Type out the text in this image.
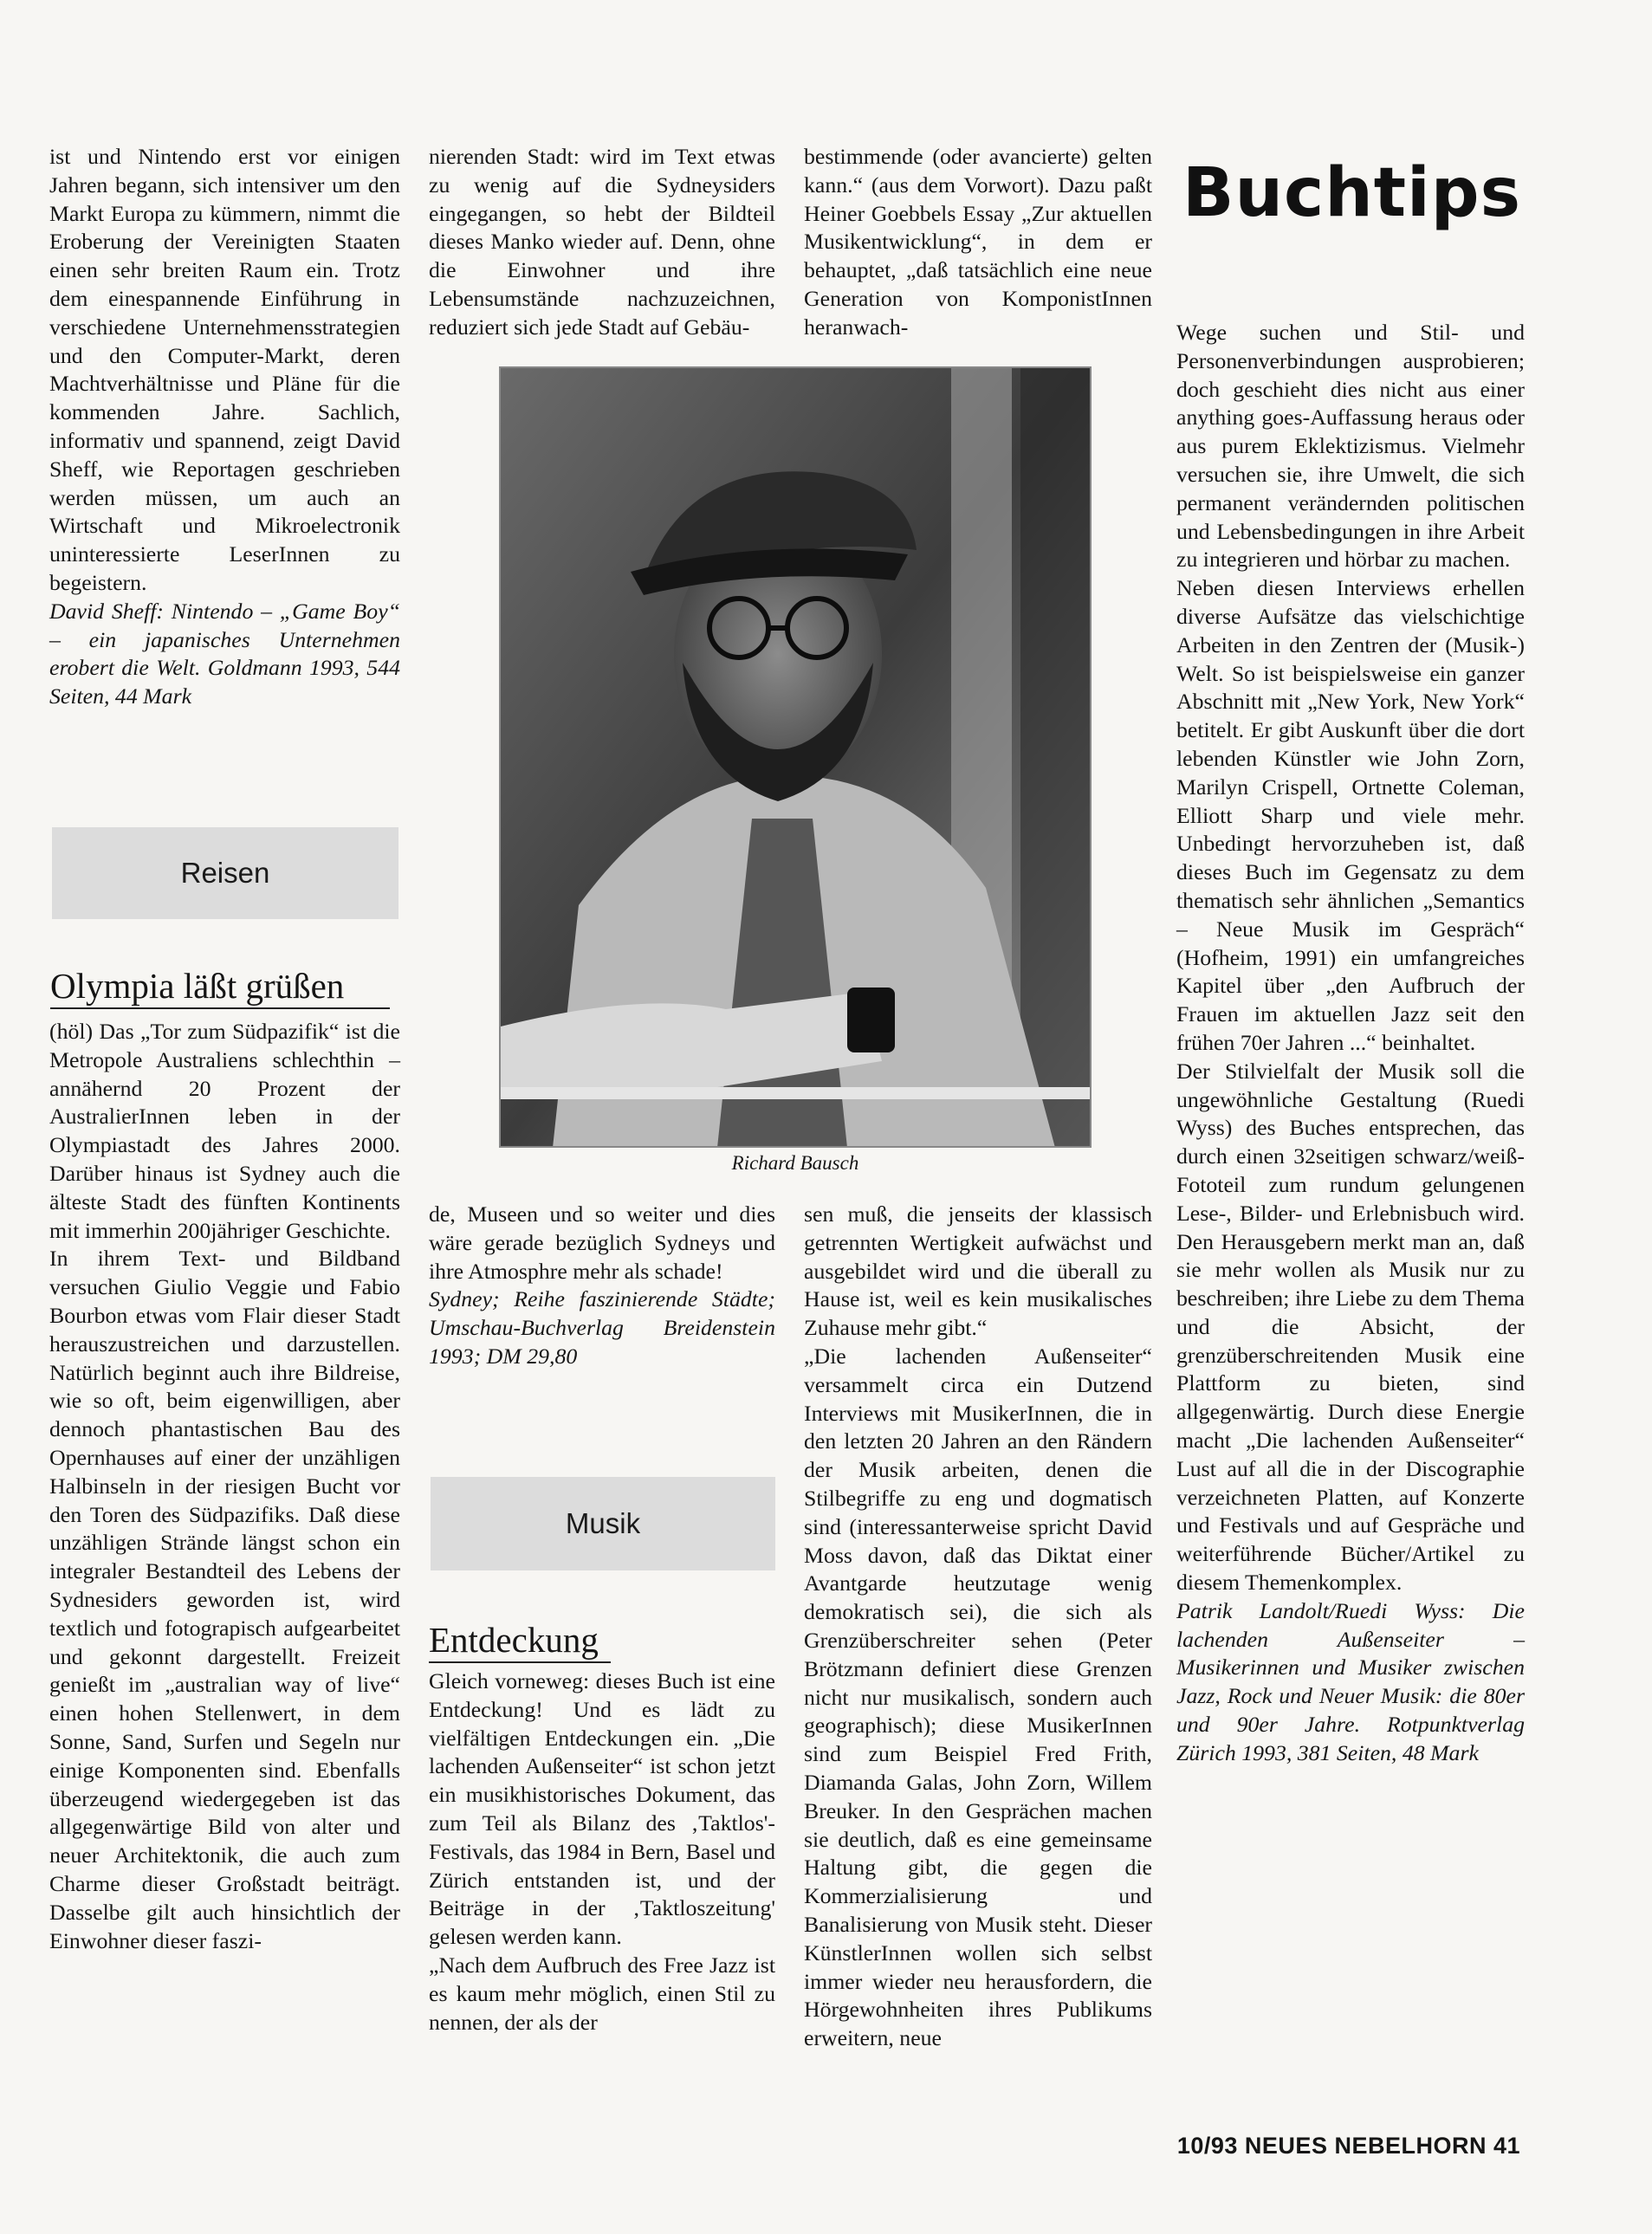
ist und Nintendo erst vor einigen Jahren begann, sich intensiver um den Markt Europa zu kümmern, nimmt die Eroberung der Vereinigten Staaten einen sehr breiten Raum ein. Trotz dem einespannende Einführung in verschiedene Unternehmensstrategien und den Computer-Markt, deren Machtverhältnisse und Pläne für die kommenden Jahre. Sachlich, informativ und spannend, zeigt David Sheff, wie Reportagen geschrieben werden müssen, um auch an Wirtschaft und Mikroelectronik uninteressierte LeserInnen zu begeistern.

David Sheff: Nintendo – „Game Boy“ – ein japanisches Unternehmen erobert die Welt. Goldmann 1993, 544 Seiten, 44 Mark

Reisen
Olympia läßt grüßen

(höl) Das „Tor zum Südpazifik“ ist die Metropole Australiens schlechthin – annähernd 20 Prozent der AustralierInnen leben in der Olympiastadt des Jahres 2000. Darüber hinaus ist Sydney auch die älteste Stadt des fünften Kontinents mit immerhin 200jähriger Geschichte.

In ihrem Text- und Bildband versuchen Giulio Veggie und Fabio Bourbon etwas vom Flair dieser Stadt herauszustreichen und darzustellen. Natürlich beginnt auch ihre Bildreise, wie so oft, beim eigenwilligen, aber dennoch phantastischen Bau des Opernhauses auf einer der unzähligen Halbinseln in der riesigen Bucht vor den Toren des Südpazifiks. Daß diese unzähligen Strände längst schon ein integraler Bestandteil des Lebens der Sydnesiders geworden ist, wird textlich und fotograpisch aufgearbeitet und gekonnt dargestellt. Freizeit genießt im „australian way of live“ einen hohen Stellenwert, in dem Sonne, Sand, Surfen und Segeln nur einige Komponenten sind. Ebenfalls überzeugend wiedergegeben ist das allgegenwärtige Bild von alter und neuer Architektonik, die auch zum Charme dieser Großstadt beiträgt. Dasselbe gilt auch hinsichtlich der Einwohner dieser faszi-

nierenden Stadt: wird im Text etwas zu wenig auf die Sydneysiders eingegangen, so hebt der Bildteil dieses Manko wieder auf. Denn, ohne die Einwohner und ihre Lebensumstände nachzuzeichnen, reduziert sich jede Stadt auf Gebäu-

Richard Bausch

de, Museen und so weiter und dies wäre gerade bezüglich Sydneys und ihre Atmosphre mehr als schade!

Sydney; Reihe faszinierende Städte; Umschau-Buchverlag Breidenstein 1993; DM 29,80

Musik
Entdeckung

Gleich vorneweg: dieses Buch ist eine Entdeckung! Und es lädt zu vielfältigen Entdeckungen ein. „Die lachenden Außenseiter“ ist schon jetzt ein musikhistorisches Dokument, das zum Teil als Bilanz des ‚Taktlos'-Festivals, das 1984 in Bern, Basel und Zürich entstanden ist, und der Beiträge in der ‚Taktloszeitung' gelesen werden kann.

„Nach dem Aufbruch des Free Jazz ist es kaum mehr möglich, einen Stil zu nennen, der als der

bestimmende (oder avancierte) gelten kann.“ (aus dem Vorwort). Dazu paßt Heiner Goebbels Essay „Zur aktuellen Musikentwicklung“, in dem er behauptet, „daß tatsächlich eine neue Generation von KomponistInnen heranwach-

sen muß, die jenseits der klassisch getrennten Wertigkeit aufwächst und ausgebildet wird und die überall zu Hause ist, weil es kein musikalisches Zuhause mehr gibt.“

„Die lachenden Außenseiter“ versammelt circa ein Dutzend Interviews mit MusikerInnen, die in den letzten 20 Jahren an den Rändern der Musik arbeiten, denen die Stilbegriffe zu eng und dogmatisch sind (interessanterweise spricht David Moss davon, daß das Diktat einer Avantgarde heutzutage wenig demokratisch sei), die sich als Grenzüberschreiter sehen (Peter Brötzmann definiert diese Grenzen nicht nur musikalisch, sondern auch geographisch); diese MusikerInnen sind zum Beispiel Fred Frith, Diamanda Galas, John Zorn, Willem Breuker. In den Gesprächen machen sie deutlich, daß es eine gemeinsame Haltung gibt, die gegen die Kommerzialisierung und Banalisierung von Musik steht. Dieser KünstlerInnen wollen sich selbst immer wieder neu herausfordern, die Hörgewohnheiten ihres Publikums erweitern, neue

Buchtips

Wege suchen und Stil- und Personenverbindungen ausprobieren; doch geschieht dies nicht aus einer anything goes-Auffassung heraus oder aus purem Eklektizismus. Vielmehr versuchen sie, ihre Umwelt, die sich permanent verändernden politischen und Lebensbedingungen in ihre Arbeit zu integrieren und hörbar zu machen.

Neben diesen Interviews erhellen diverse Aufsätze das vielschichtige Arbeiten in den Zentren der (Musik-) Welt. So ist beispielsweise ein ganzer Abschnitt mit „New York, New York“ betitelt. Er gibt Auskunft über die dort lebenden Künstler wie John Zorn, Marilyn Crispell, Ortnette Coleman, Elliott Sharp und viele mehr. Unbedingt hervorzuheben ist, daß dieses Buch im Gegensatz zu dem thematisch sehr ähnlichen „Semantics – Neue Musik im Gespräch“ (Hofheim, 1991) ein umfangreiches Kapitel über „den Aufbruch der Frauen im aktuellen Jazz seit den frühen 70er Jahren ...“ beinhaltet.

Der Stilvielfalt der Musik soll die ungewöhnliche Gestaltung (Ruedi Wyss) des Buches entsprechen, das durch einen 32seitigen schwarz/weiß-Fototeil zum rundum gelungenen Lese-, Bilder- und Erlebnisbuch wird. Den Herausgebern merkt man an, daß sie mehr wollen als Musik nur zu beschreiben; ihre Liebe zu dem Thema und die Absicht, der grenzüberschreitenden Musik eine Plattform zu bieten, sind allgegenwärtig. Durch diese Energie macht „Die lachenden Außenseiter“ Lust auf all die in der Discographie verzeichneten Platten, auf Konzerte und Festivals und auf Gespräche und weiterführende Bücher/Artikel zu diesem Themenkomplex.

Patrik Landolt/Ruedi Wyss: Die lachenden Außenseiter – Musikerinnen und Musiker zwischen Jazz, Rock und Neuer Musik: die 80er und 90er Jahre. Rotpunktverlag Zürich 1993, 381 Seiten, 48 Mark

10/93 NEUES NEBELHORN 41
